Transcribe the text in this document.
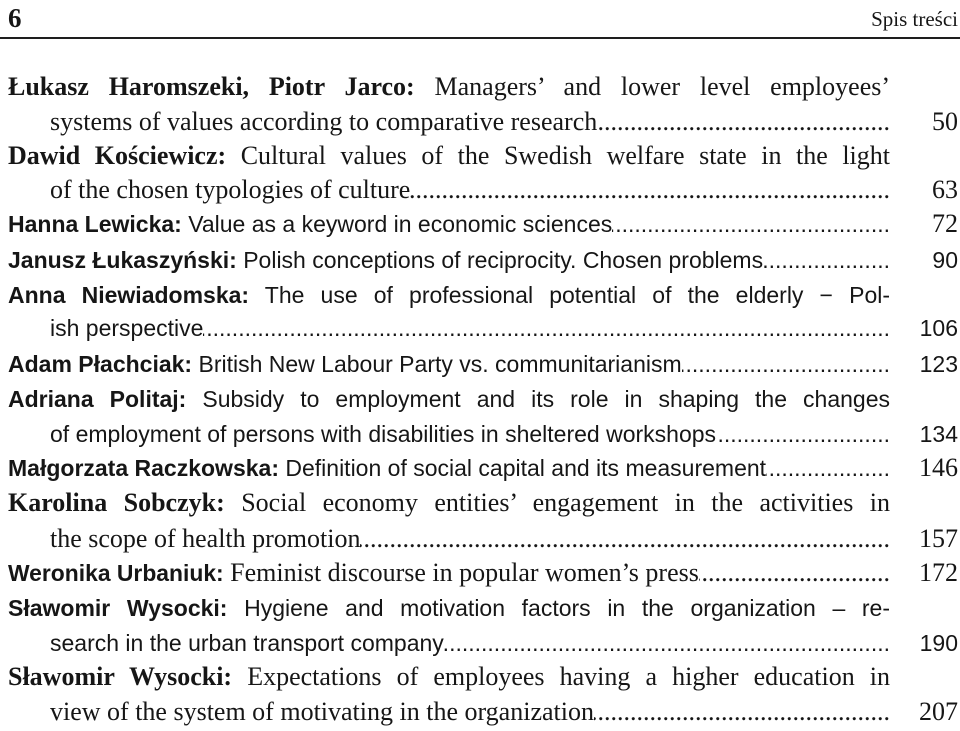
6	Spis treści
Łukasz Haromszeki, Piotr Jarco: Managers’ and lower level employees’
systems of values according to comparative research .....	50
Dawid Kościewicz: Cultural values of the Swedish welfare state in the light
of the chosen typologies of culture .....	63
Hanna Lewicka: Value as a keyword in economic sciences .....	72
Janusz Łukaszyński: Polish conceptions of reciprocity. Chosen problems .....	90
Anna Niewiadomska: The use of professional potential of the elderly − Pol-
ish perspective .....	106
Adam Płachciak: British New Labour Party vs. communitarianism .....	123
Adriana Politaj: Subsidy to employment and its role in shaping the changes
of employment of persons with disabilities in sheltered workshops .....	134
Małgorzata Raczkowska: Definition of social capital and its measurement .....	146
Karolina Sobczyk: Social economy entities’ engagement in the activities in
the scope of health promotion .....	157
Weronika Urbaniuk: Feminist discourse in popular women’s press .....	172
Sławomir Wysocki: Hygiene and motivation factors in the organization – re-
search in the urban transport company .....	190
Sławomir Wysocki: Expectations of employees having a higher education in
view of the system of motivating in the organization .....	207
